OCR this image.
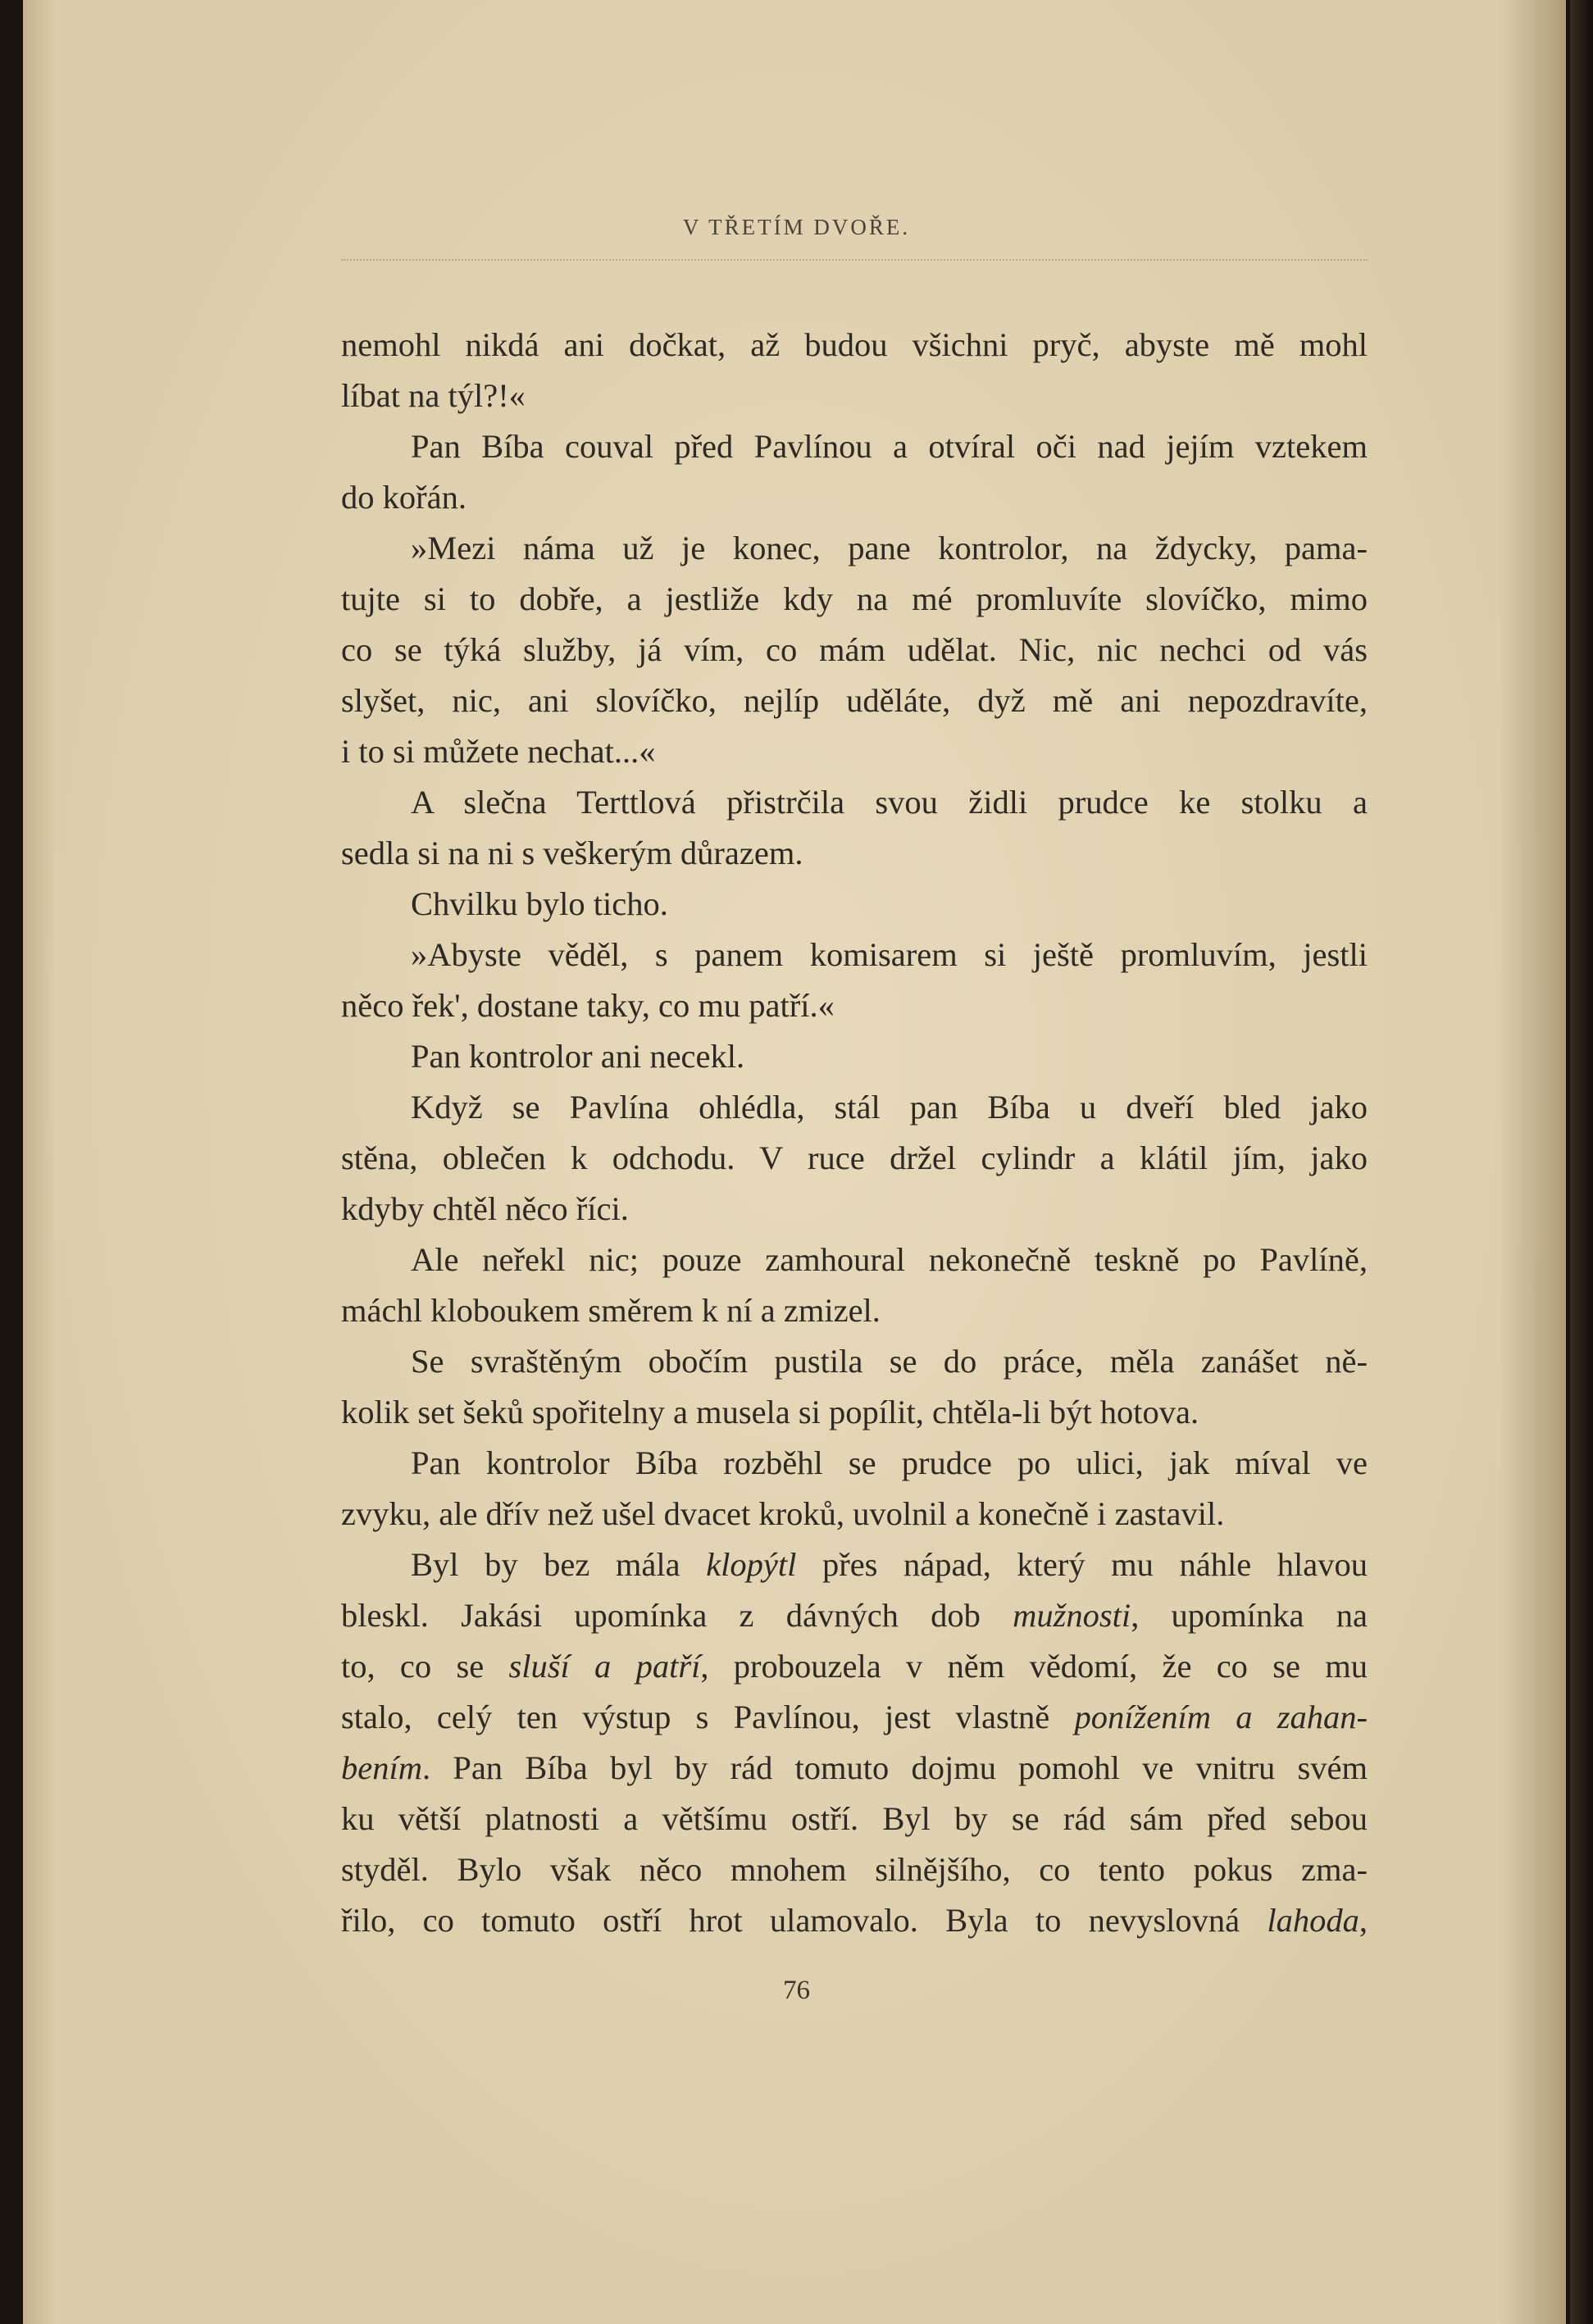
V TŘETÍM DVOŘE.

nemohl nikdá ani dočkat, až budou všichni pryč, abyste mě mohl

líbat na týl?!«

Pan Bíba couval před Pavlínou a otvíral oči nad jejím vztekem

do kořán.

»Mezi náma už je konec, pane kontrolor, na ždycky, pama-

tujte si to dobře, a jestliže kdy na mé promluvíte slovíčko, mimo

co se týká služby, já vím, co mám udělat. Nic, nic nechci od vás

slyšet, nic, ani slovíčko, nejlíp uděláte, dyž mě ani nepozdravíte,

i to si můžete nechat...«

A slečna Terttlová přistrčila svou židli prudce ke stolku a

sedla si na ni s veškerým důrazem.

Chvilku bylo ticho.

»Abyste věděl, s panem komisarem si ještě promluvím, jestli

něco řek', dostane taky, co mu patří.«

Pan kontrolor ani necekl.

Když se Pavlína ohlédla, stál pan Bíba u dveří bled jako

stěna, oblečen k odchodu. V ruce držel cylindr a klátil jím, jako

kdyby chtěl něco říci.

Ale neřekl nic; pouze zamhoural nekonečně teskně po Pavlíně,

máchl kloboukem směrem k ní a zmizel.

Se svraštěným obočím pustila se do práce, měla zanášet ně-

kolik set šeků spořitelny a musela si popílit, chtěla-li být hotova.

Pan kontrolor Bíba rozběhl se prudce po ulici, jak míval ve

zvyku, ale dřív než ušel dvacet kroků, uvolnil a konečně i zastavil.

Byl by bez mála klopýtl přes nápad, který mu náhle hlavou

bleskl. Jakási upomínka z dávných dob mužnosti, upomínka na

to, co se sluší a patří, probouzela v něm vědomí, že co se mu

stalo, celý ten výstup s Pavlínou, jest vlastně ponížením a zahan-

bením. Pan Bíba byl by rád tomuto dojmu pomohl ve vnitru svém

ku větší platnosti a většímu ostří. Byl by se rád sám před sebou

styděl. Bylo však něco mnohem silnějšího, co tento pokus zma-

řilo, co tomuto ostří hrot ulamovalo. Byla to nevyslovná lahoda,

76
